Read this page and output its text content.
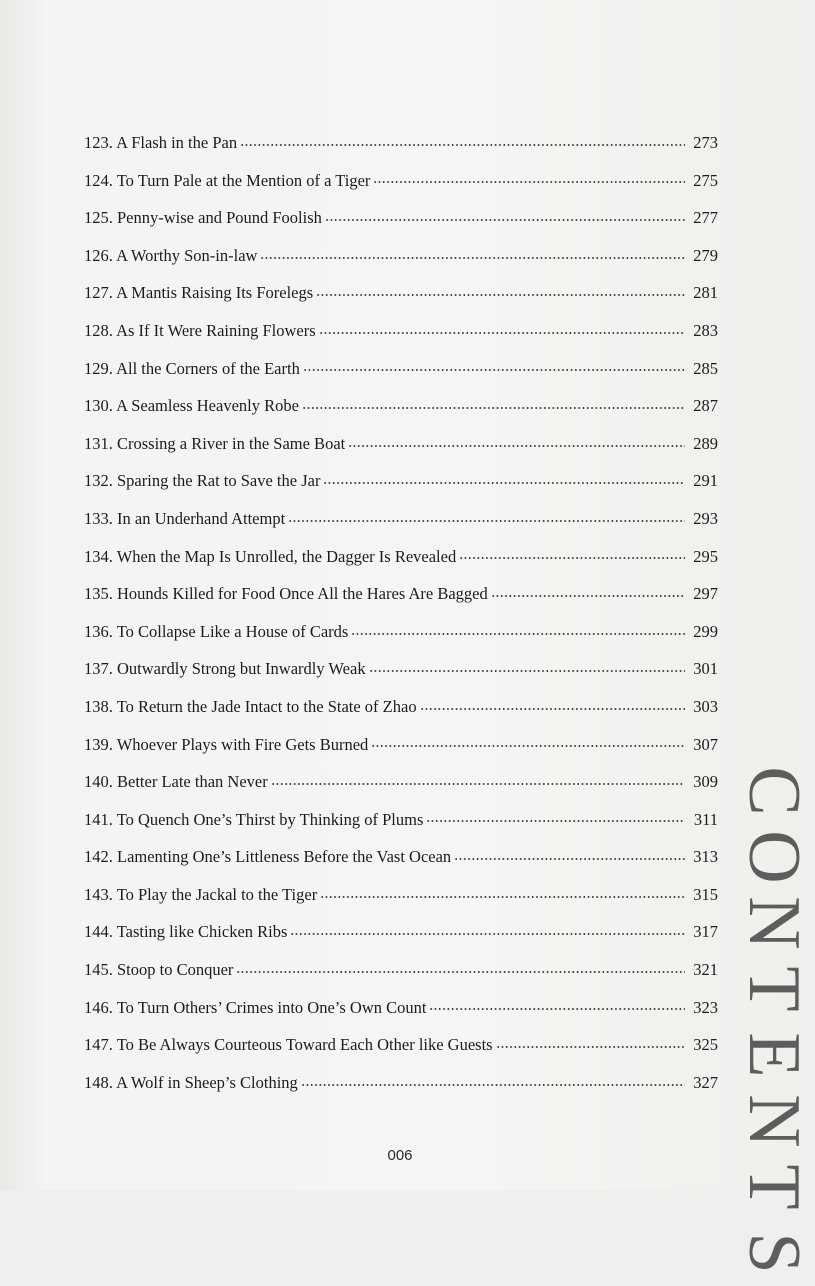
123. A Flash in the Pan	273
124. To Turn Pale at the Mention of a Tiger	275
125. Penny-wise and Pound Foolish	277
126. A Worthy Son-in-law	279
127. A Mantis Raising Its Forelegs	281
128. As If It Were Raining Flowers	283
129. All the Corners of the Earth	285
130. A Seamless Heavenly Robe	287
131. Crossing a River in the Same Boat	289
132. Sparing the Rat to Save the Jar	291
133. In an Underhand Attempt	293
134. When the Map Is Unrolled, the Dagger Is Revealed	295
135. Hounds Killed for Food Once All the Hares Are Bagged	297
136. To Collapse Like a House of Cards	299
137. Outwardly Strong but Inwardly Weak	301
138. To Return the Jade Intact to the State of Zhao	303
139. Whoever Plays with Fire Gets Burned	307
140. Better Late than Never	309
141. To Quench One’s Thirst by Thinking of Plums	311
142. Lamenting One’s Littleness Before the Vast Ocean	313
143. To Play the Jackal to the Tiger	315
144. Tasting like Chicken Ribs	317
145. Stoop to Conquer	321
146. To Turn Others’ Crimes into One’s Own Count	323
147. To Be Always Courteous Toward Each Other like Guests	325
148. A Wolf in Sheep’s Clothing	327
C
O
N
T
E
N
T
S
006
